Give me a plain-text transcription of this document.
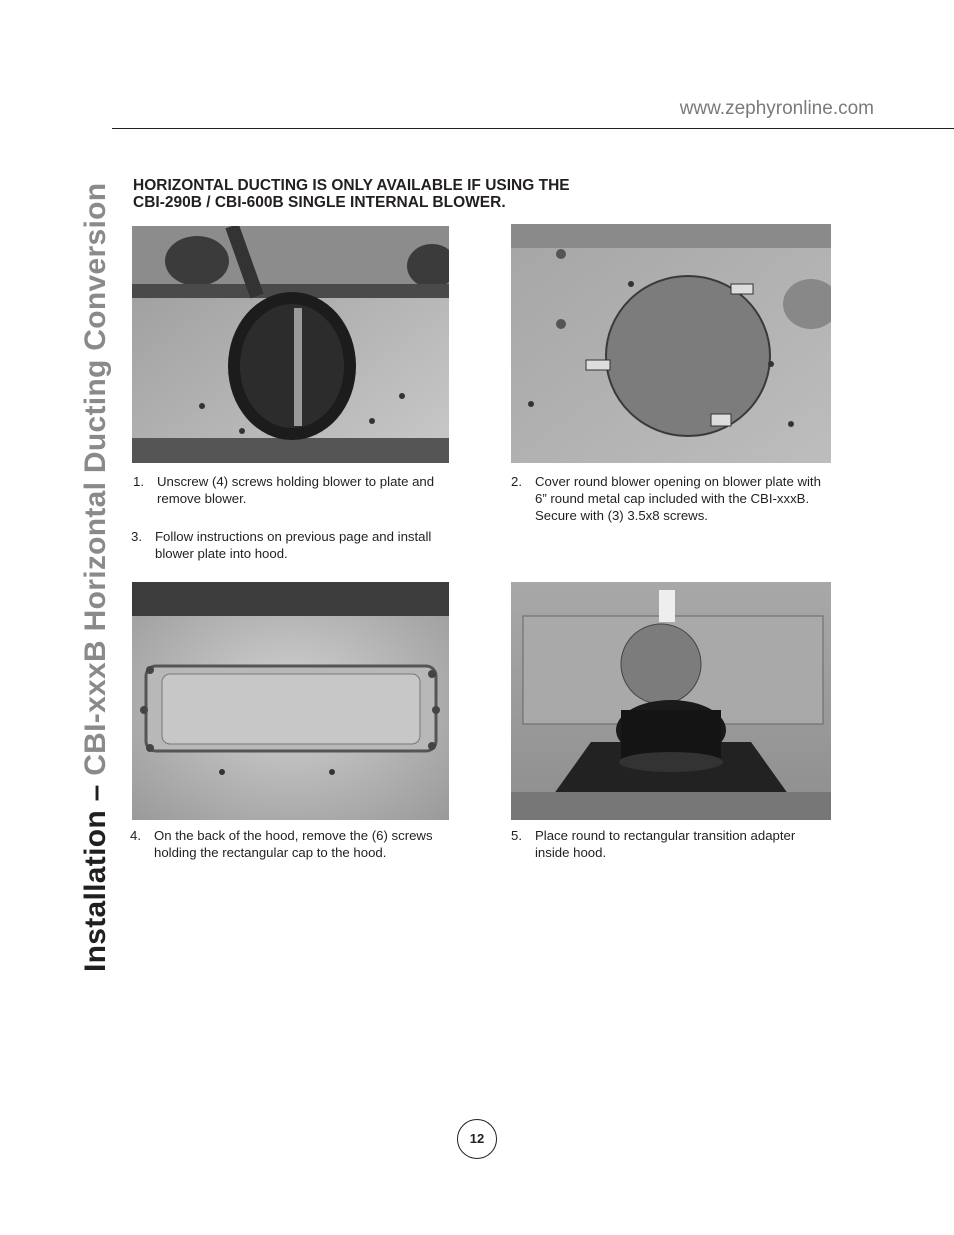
www.zephyronline.com
Installation – CBI-xxxB Horizontal Ducting Conversion HORIZONTAL DUCTING IS ONLY AVAILABLE IF USING THE
CBI-290B / CBI-600B SINGLE INTERNAL BLOWER.
1. Unscrew (4) screws holding blower to plate and remove blower.
2. Cover round blower opening on blower plate with 6” round metal cap included with the CBI-xxxB. Secure with (3) 3.5x8 screws.
3. Follow instructions on previous page and install blower plate into hood.
4. On the back of the hood, remove the (6) screws holding the rectangular cap to the hood.
5. Place round to rectangular transition adapter inside hood.
12
